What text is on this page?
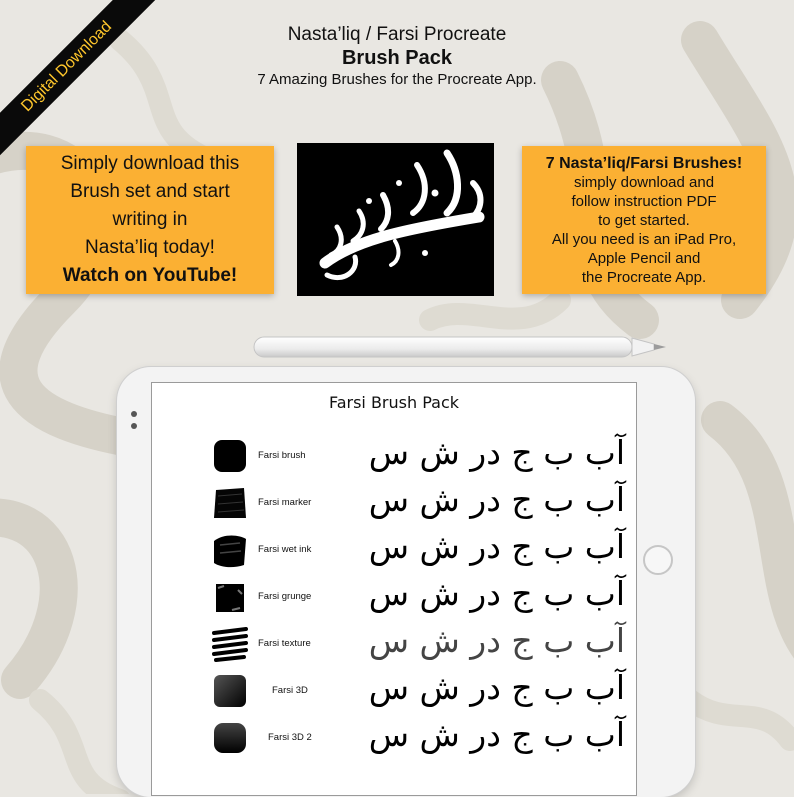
Digital Download	Nasta’liq / Farsi Procreate
Brush Pack
7 Amazing Brushes for the Procreate App.
Simply download this
Brush set and start
writing in
Nasta’liq today!
Watch on YouTube!
7 Nasta’liq/Farsi Brushes!
simply download and
follow instruction PDF
to get started.
All you need is an iPad Pro,
Apple Pencil and
the Procreate App.
Farsi Brush Pack
Farsi brush	آب ب ج در ش س
Farsi marker	آب ب ج در ش س
Farsi wet ink	آب ب ج در ش س
Farsi grunge	آب ب ج در ش س
Farsi texture	آب ب ج در ش س
Farsi 3D	آب ب ج در ش س
Farsi 3D 2	آب ب ج در ش س
